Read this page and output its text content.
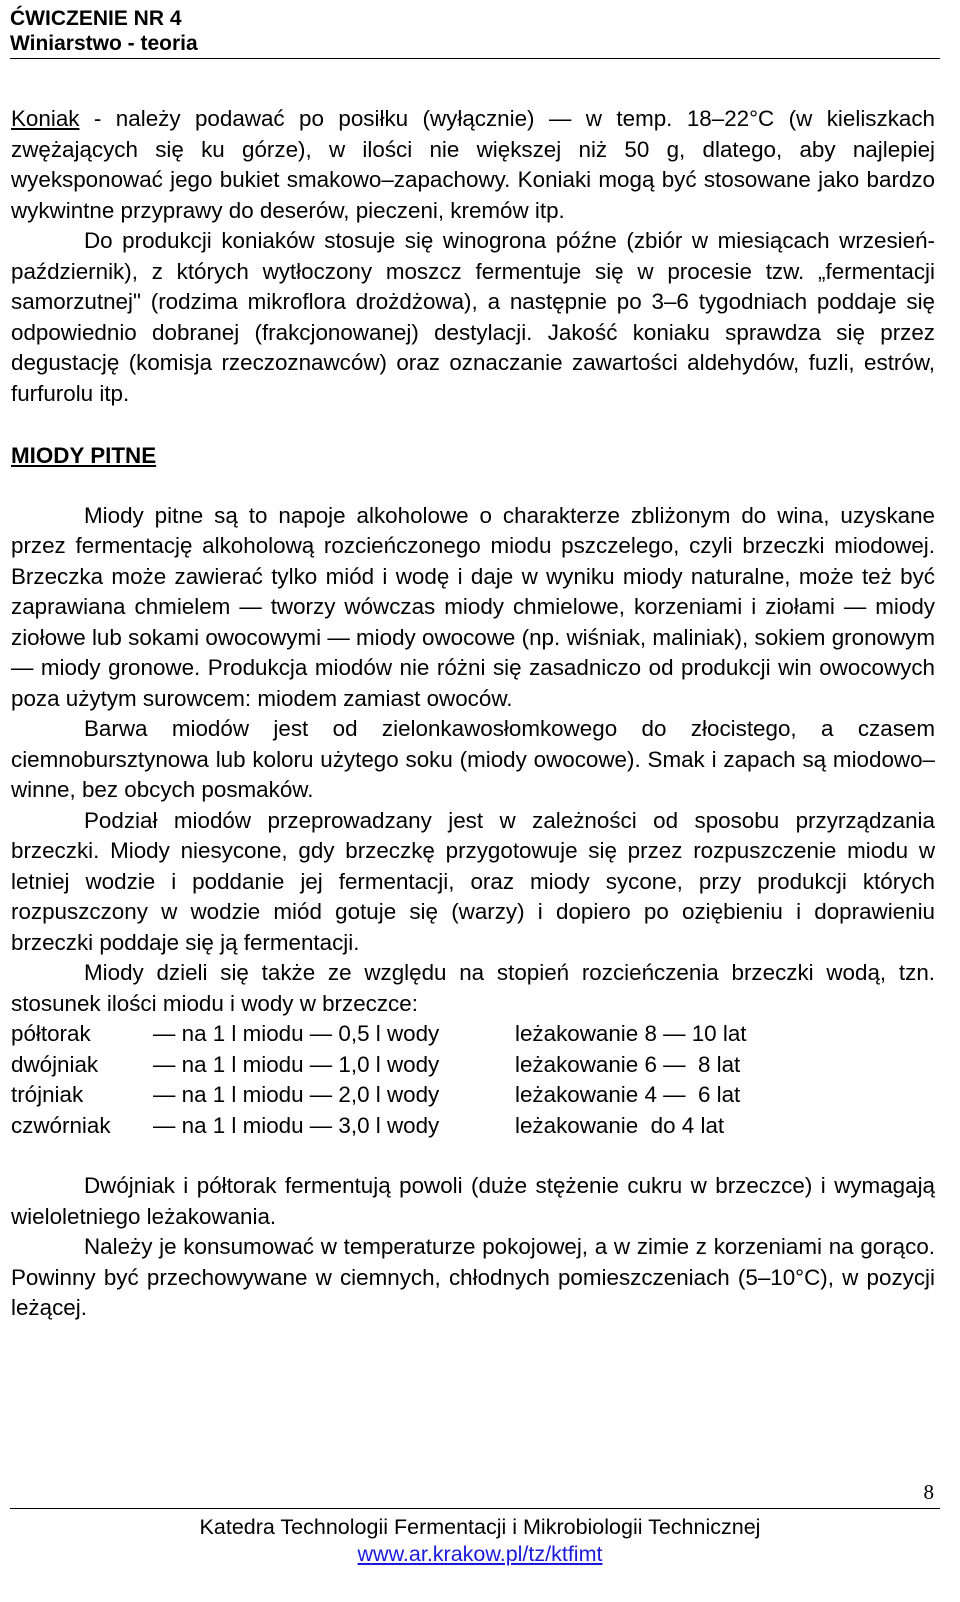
ĆWICZENIE NR 4
Winiarstwo - teoria

Koniak - należy podawać po posiłku (wyłącznie) — w temp. 18–22°C (w kieliszkach zwężających się ku górze), w ilości nie większej niż 50 g, dlatego, aby najlepiej wyeksponować jego bukiet smakowo–zapachowy. Koniaki mogą być stosowane jako bardzo wykwintne przyprawy do deserów, pieczeni, kremów itp.

Do produkcji koniaków stosuje się winogrona późne (zbiór w miesiącach wrzesień-październik), z których wytłoczony moszcz fermentuje się w procesie tzw. „fermentacji samorzutnej" (rodzima mikroflora drożdżowa), a następnie po 3–6 tygodniach poddaje się odpowiednio dobranej (frakcjonowanej) destylacji. Jakość koniaku sprawdza się przez degustację (komisja rzeczoznawców) oraz oznaczanie zawartości aldehydów, fuzli, estrów, furfurolu itp.

MIODY PITNE

Miody pitne są to napoje alkoholowe o charakterze zbliżonym do wina, uzyskane przez fermentację alkoholową rozcieńczonego miodu pszczelego, czyli brzeczki miodowej. Brzeczka może zawierać tylko miód i wodę i daje w wyniku miody naturalne, może też być zaprawiana chmielem — tworzy wówczas miody chmielowe, korzeniami i ziołami — miody ziołowe lub sokami owocowymi — miody owocowe (np. wiśniak, maliniak), sokiem gronowym — miody gronowe. Produkcja miodów nie różni się zasadniczo od produkcji win owocowych poza użytym surowcem: miodem zamiast owoców.

Barwa miodów jest od zielonkawosłomkowego do złocistego, a czasem ciemnobursztynowa lub koloru użytego soku (miody owocowe). Smak i zapach są miodowo–winne, bez obcych posmaków.

Podział miodów przeprowadzany jest w zależności od sposobu przyrządzania brzeczki. Miody niesycone, gdy brzeczkę przygotowuje się przez rozpuszczenie miodu w letniej wodzie i poddanie jej fermentacji, oraz miody sycone, przy produkcji których rozpuszczony w wodzie miód gotuje się (warzy) i dopiero po oziębieniu i doprawieniu brzeczki poddaje się ją fermentacji.

Miody dzieli się także ze względu na stopień rozcieńczenia brzeczki wodą, tzn. stosunek ilości miodu i wody w brzeczce:

półtorak	— na 1 l miodu — 0,5 l wody	leżakowanie 8 — 10 lat
dwójniak	— na 1 l miodu — 1,0 l wody	leżakowanie 6 —  8 lat
trójniak	— na 1 l miodu — 2,0 l wody	leżakowanie 4 —  6 lat
czwórniak	— na 1 l miodu — 3,0 l wody	leżakowanie  do 4 lat

Dwójniak i półtorak fermentują powoli (duże stężenie cukru w brzeczce) i wymagają wieloletniego leżakowania.

Należy je konsumować w temperaturze pokojowej, a w zimie z korzeniami na gorąco. Powinny być przechowywane w ciemnych, chłodnych pomieszczeniach (5–10°C), w pozycji leżącej.

8
Katedra Technologii Fermentacji i Mikrobiologii Technicznej
www.ar.krakow.pl/tz/ktfimt
